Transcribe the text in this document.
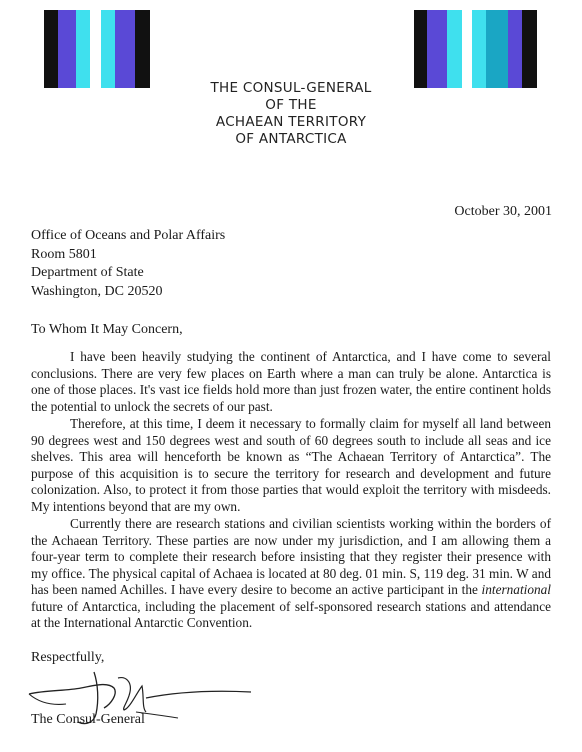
THE CONSUL-GENERAL
OF THE
ACHAEAN TERRITORY
OF ANTARCTICA
October 30, 2001
Office of Oceans and Polar Affairs
Room 5801
Department of State
Washington, DC 20520
To Whom It May Concern,

I have been heavily studying the continent of Antarctica, and I have come to several conclusions. There are very few places on Earth where a man can truly be alone. Antarctica is one of those places. It's vast ice fields hold more than just frozen water, the entire continent holds the potential to unlock the secrets of our past.

Therefore, at this time, I deem it necessary to formally claim for myself all land between 90 degrees west and 150 degrees west and south of 60 degrees south to include all seas and ice shelves. This area will henceforth be known as “The Achaean Territory of Antarctica”. The purpose of this acquisition is to secure the territory for research and development and future colonization. Also, to protect it from those parties that would exploit the territory with misdeeds. My intentions beyond that are my own.

Currently there are research stations and civilian scientists working within the borders of the Achaean Territory. These parties are now under my jurisdiction, and I am allowing them a four-year term to complete their research before insisting that they register their presence with my office. The physical capital of Achaea is located at 80 deg. 01 min. S, 119 deg. 31 min. W and has been named Achilles. I have every desire to become an active participant in the international future of Antarctica, including the placement of self-sponsored research stations and attendance at the International Antarctic Convention.

Respectfully,
The Consul-General
